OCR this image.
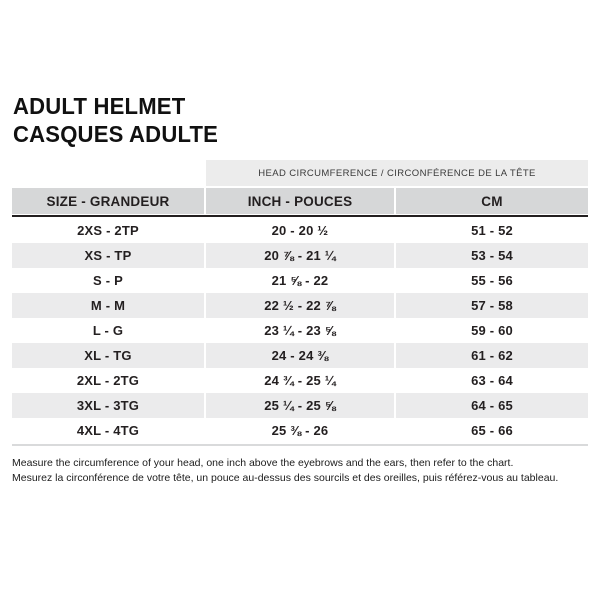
ADULT HELMET
CASQUES ADULTE
HEAD CIRCUMFERENCE / CIRCONFÉRENCE DE LA TÊTE
SIZE - GRANDEUR	INCH - POUCES	CM
2XS - 2TP	20 - 20 ½	51 - 52
XS - TP	20 ⅞ - 21 ¼	53 - 54
S - P	21 ⅝ - 22	55 - 56
M - M	22 ½ - 22 ⅞	57 - 58
L - G	23 ¼ - 23 ⅝	59 - 60
XL - TG	24 - 24 ⅜	61 - 62
2XL - 2TG	24 ¾ - 25 ¼	63 - 64
3XL - 3TG	25 ¼ - 25 ⅝	64 - 65
4XL - 4TG	25 ⅜ - 26	65 - 66
Measure the circumference of your head, one inch above the eyebrows and the ears, then refer to the chart.
Mesurez la circonférence de votre tête, un pouce au-dessus des sourcils et des oreilles, puis référez-vous au tableau.
